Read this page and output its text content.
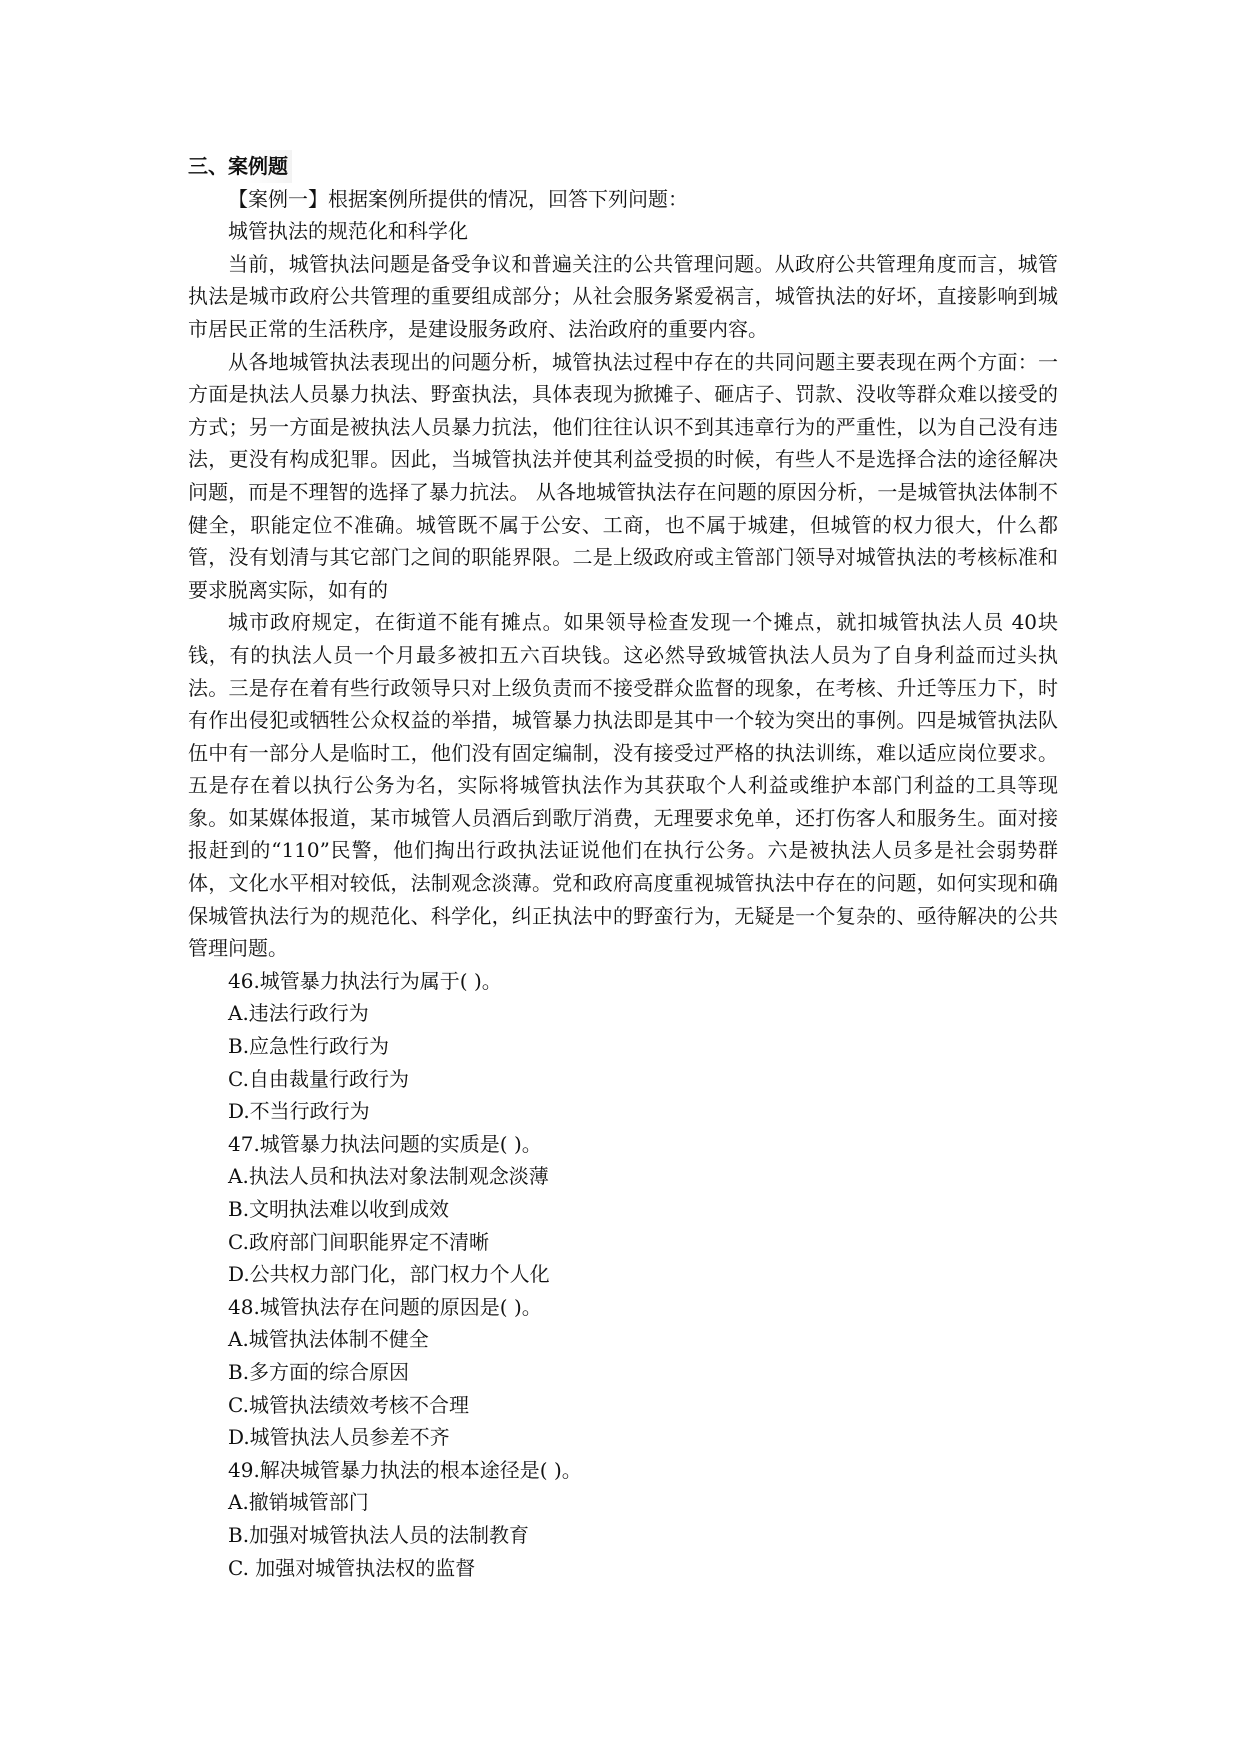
三、案例题
【案例一】根据案例所提供的情况，回答下列问题：
城管执法的规范化和科学化

当前，城管执法问题是备受争议和普遍关注的公共管理问题。从政府公共管理角度而言，城管执法是城市政府公共管理的重要组成部分；从社会服务紧爱祸言，城管执法的好坏，直接影响到城市居民正常的生活秩序，是建设服务政府、法治政府的重要内容。

从各地城管执法表现出的问题分析，城管执法过程中存在的共同问题主要表现在两个方面：一方面是执法人员暴力执法、野蛮执法，具体表现为掀摊子、砸店子、罚款、没收等群众难以接受的方式；另一方面是被执法人员暴力抗法，他们往往认识不到其违章行为的严重性，以为自己没有违法，更没有构成犯罪。因此，当城管执法并使其利益受损的时候，有些人不是选择合法的途径解决问题，而是不理智的选择了暴力抗法。 从各地城管执法存在问题的原因分析，一是城管执法体制不健全，职能定位不准确。城管既不属于公安、工商，也不属于城建，但城管的权力很大，什么都管，没有划清与其它部门之间的职能界限。二是上级政府或主管部门领导对城管执法的考核标准和要求脱离实际，如有的

城市政府规定，在街道不能有摊点。如果领导检查发现一个摊点，就扣城管执法人员 40块钱，有的执法人员一个月最多被扣五六百块钱。这必然导致城管执法人员为了自身利益而过头执法。三是存在着有些行政领导只对上级负责而不接受群众监督的现象，在考核、升迁等压力下，时有作出侵犯或牺牲公众权益的举措，城管暴力执法即是其中一个较为突出的事例。四是城管执法队伍中有一部分人是临时工，他们没有固定编制，没有接受过严格的执法训练，难以适应岗位要求。五是存在着以执行公务为名，实际将城管执法作为其获取个人利益或维护本部门利益的工具等现象。如某媒体报道，某市城管人员酒后到歌厅消费，无理要求免单，还打伤客人和服务生。面对接报赶到的“110”民警，他们掏出行政执法证说他们在执行公务。六是被执法人员多是社会弱势群体，文化水平相对较低，法制观念淡薄。党和政府高度重视城管执法中存在的问题，如何实现和确保城管执法行为的规范化、科学化，纠正执法中的野蛮行为，无疑是一个复杂的、亟待解决的公共管理问题。

46.城管暴力执法行为属于( )。
A.违法行政行为
B.应急性行政行为
C.自由裁量行政行为
D.不当行政行为
47.城管暴力执法问题的实质是( )。
A.执法人员和执法对象法制观念淡薄
B.文明执法难以收到成效
C.政府部门间职能界定不清晰
D.公共权力部门化，部门权力个人化
48.城管执法存在问题的原因是( )。
A.城管执法体制不健全
B.多方面的综合原因
C.城管执法绩效考核不合理
D.城管执法人员参差不齐
49.解决城管暴力执法的根本途径是( )。
A.撤销城管部门
B.加强对城管执法人员的法制教育
C. 加强对城管执法权的监督
